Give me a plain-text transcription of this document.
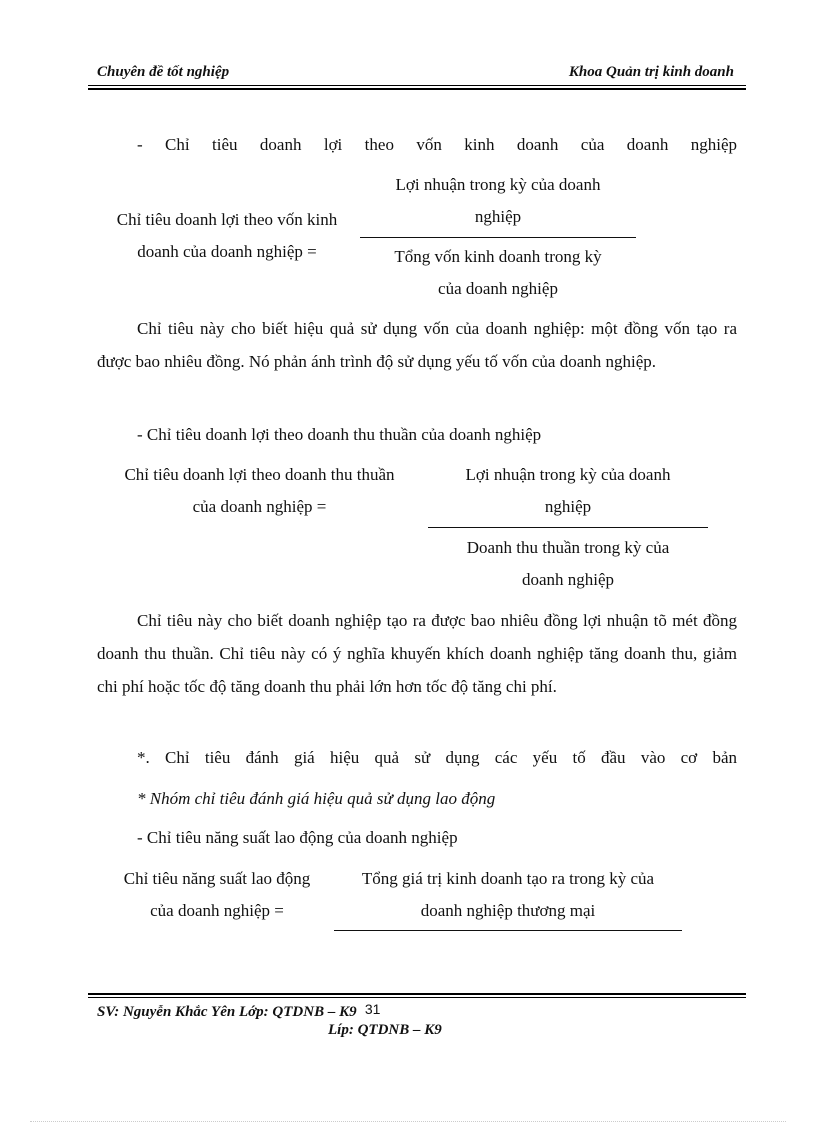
Chuyên đề tốt nghiệp	Khoa Quản trị kinh doanh
- Chỉ tiêu doanh lợi theo vốn kinh doanh của doanh nghiệp
Chỉ tiêu doanh lợi theo vốn kinh
doanh của doanh nghiệp =
Lợi nhuận trong kỳ của doanh
nghiệp
Tổng vốn kinh doanh trong kỳ
của doanh nghiệp
Chỉ tiêu này cho biết hiệu quả sử dụng vốn của doanh nghiệp: một đồng vốn tạo ra được bao nhiêu đồng. Nó phản ánh trình độ sử dụng yếu tố vốn của doanh nghiệp.
- Chỉ tiêu doanh lợi theo doanh thu thuần của doanh nghiệp
Chỉ tiêu doanh lợi theo doanh thu thuần
của doanh nghiệp =
Lợi nhuận trong kỳ của doanh
nghiệp
Doanh thu thuần trong kỳ của
doanh nghiệp
Chỉ tiêu này cho biết doanh nghiệp tạo ra được bao nhiêu đồng lợi nhuận tõ mét đồng doanh thu thuần. Chỉ tiêu này có ý nghĩa khuyến khích doanh nghiệp tăng doanh thu, giảm chi phí hoặc tốc độ tăng doanh thu phải lớn hơn tốc độ tăng chi phí.
*. Chỉ tiêu đánh giá hiệu quả sử dụng các yếu tố đầu vào cơ bản
* Nhóm chỉ tiêu đánh giá hiệu quả sử dụng lao động
- Chỉ tiêu năng suất lao động của doanh nghiệp
Chỉ tiêu năng suất lao động
của doanh nghiệp =
Tổng giá trị kinh doanh tạo ra trong kỳ của
doanh nghiệp thương mại
SV: Nguyễn Khắc Yên Lớp: QTDNB – K9 31
Líp: QTDNB – K9
